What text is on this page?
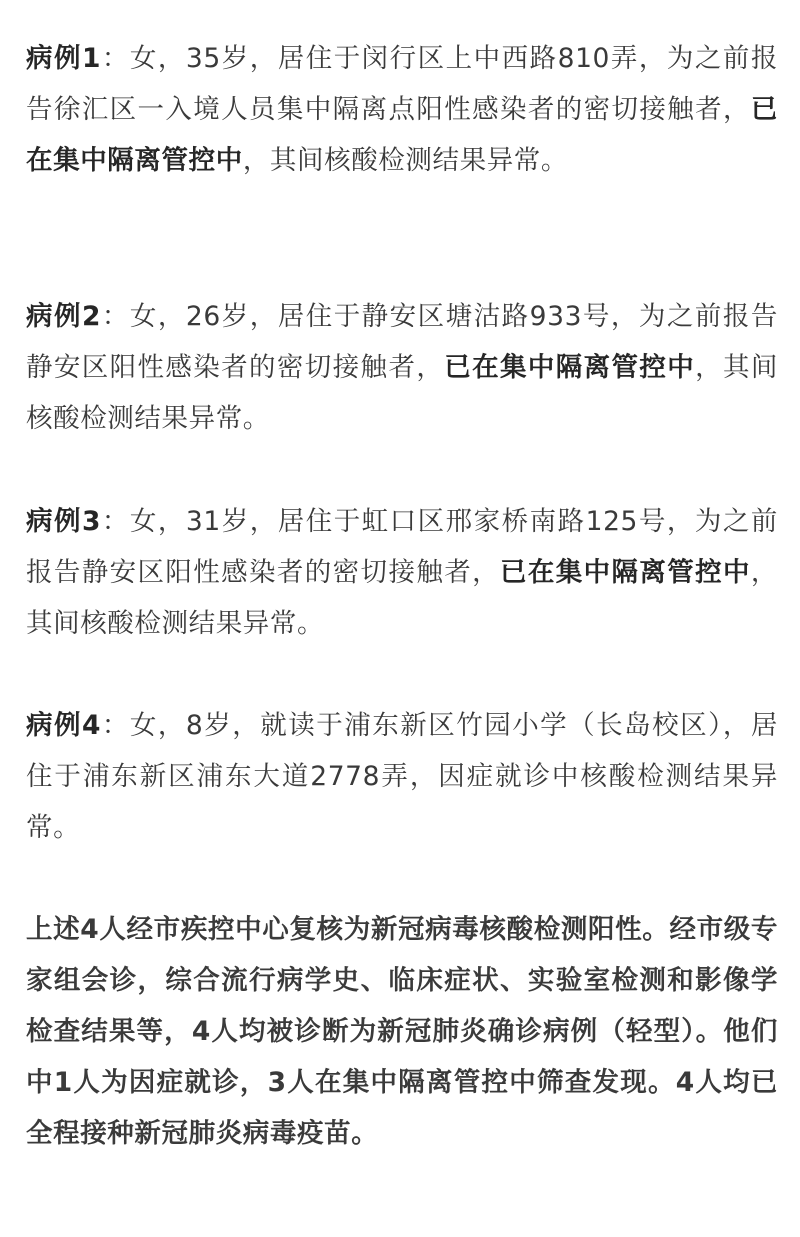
病例1：女，35岁，居住于闵行区上中西路810弄，为之前报告徐汇区一入境人员集中隔离点阳性感染者的密切接触者，已在集中隔离管控中，其间核酸检测结果异常。

病例2：女，26岁，居住于静安区塘沽路933号，为之前报告静安区阳性感染者的密切接触者，已在集中隔离管控中，其间核酸检测结果异常。

病例3：女，31岁，居住于虹口区邢家桥南路125号，为之前报告静安区阳性感染者的密切接触者，已在集中隔离管控中，其间核酸检测结果异常。

病例4：女，8岁，就读于浦东新区竹园小学（长岛校区），居住于浦东新区浦东大道2778弄，因症就诊中核酸检测结果异常。

上述4人经市疾控中心复核为新冠病毒核酸检测阳性。经市级专家组会诊，综合流行病学史、临床症状、实验室检测和影像学检查结果等，4人均被诊断为新冠肺炎确诊病例（轻型）。他们中1人为因症就诊，3人在集中隔离管控中筛查发现。4人均已全程接种新冠肺炎病毒疫苗。
